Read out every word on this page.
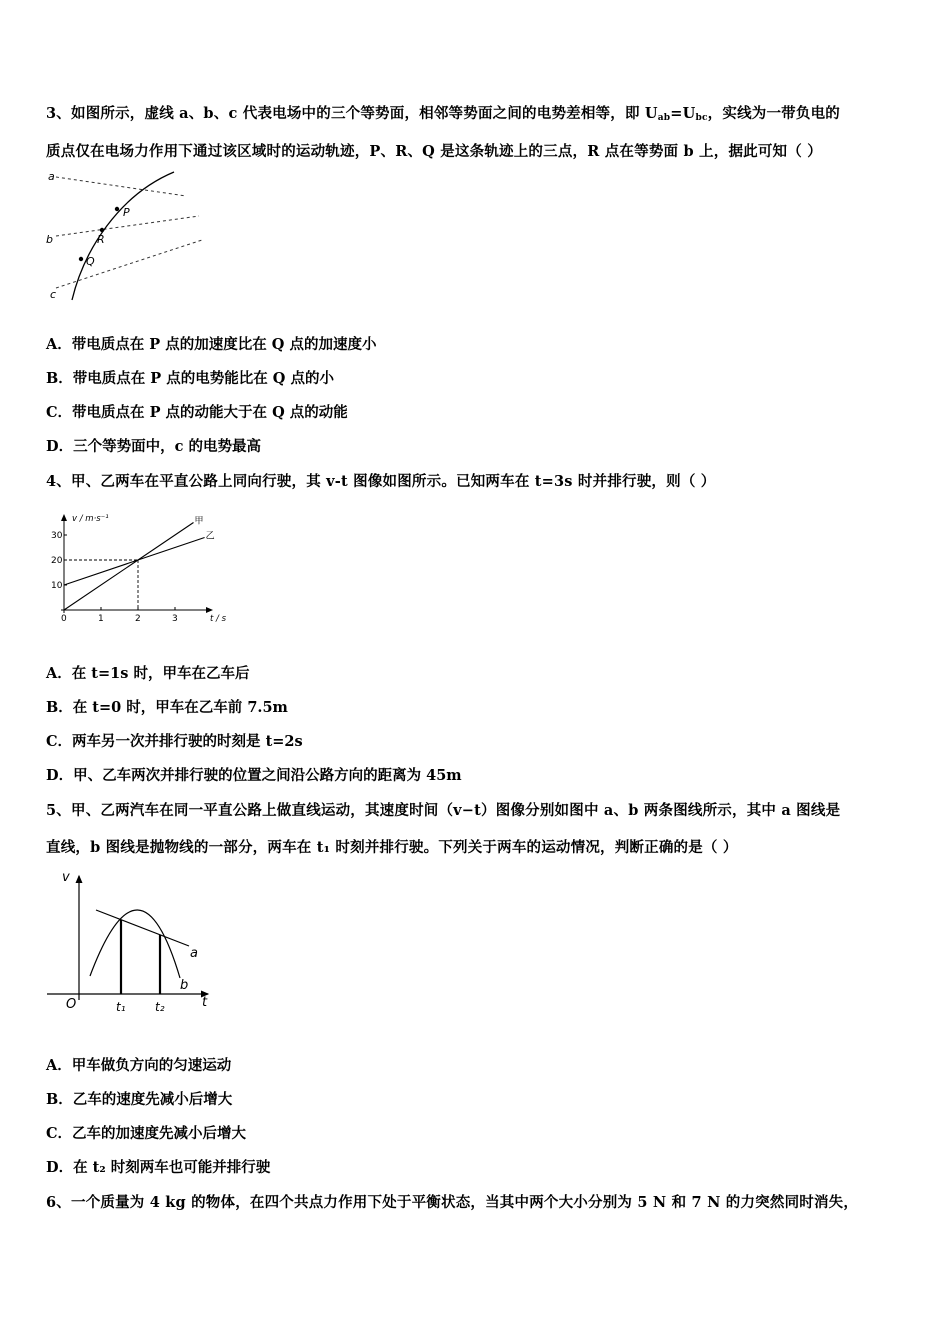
3、如图所示，虚线 a、b、c 代表电场中的三个等势面，相邻等势面之间的电势差相等，即 $U_{ab}=U_{bc}$，实线为一带负电的
质点仅在电场力作用下通过该区域时的运动轨迹，P、R、Q 是这条轨迹上的三点，R 点在等势面 b 上，据此可知（ ）
a
b
c
P
R
Q
A．带电质点在 P 点的加速度比在 Q 点的加速度小
B．带电质点在 P 点的电势能比在 Q 点的小
C．带电质点在 P 点的动能大于在 Q 点的动能
D．三个等势面中，c 的电势最高
4、甲、乙两车在平直公路上同向行驶，其 v-t 图像如图所示。已知两车在 t=3s 时并排行驶，则（ ）
v / m·s⁻¹
t / s
0	1	2	3
10
20
30
甲
乙
A．在 t=1s 时，甲车在乙车后
B．在 t=0 时，甲车在乙车前 7.5m
C．两车另一次并排行驶的时刻是 t=2s
D．甲、乙车两次并排行驶的位置之间沿公路方向的距离为 45m
5、甲、乙两汽车在同一平直公路上做直线运动，其速度时间（v−t）图像分别如图中 a、b 两条图线所示，其中 a 图线是
直线，b 图线是抛物线的一部分，两车在 t₁ 时刻并排行驶。下列关于两车的运动情况，判断正确的是（ ）
v
t
O
a
b
t₁ t₂
A．甲车做负方向的匀速运动
B．乙车的速度先减小后增大
C．乙车的加速度先减小后增大
D．在 t₂ 时刻两车也可能并排行驶
6、一个质量为 4 kg 的物体，在四个共点力作用下处于平衡状态，当其中两个大小分别为 5 N 和 7 N 的力突然同时消失，
